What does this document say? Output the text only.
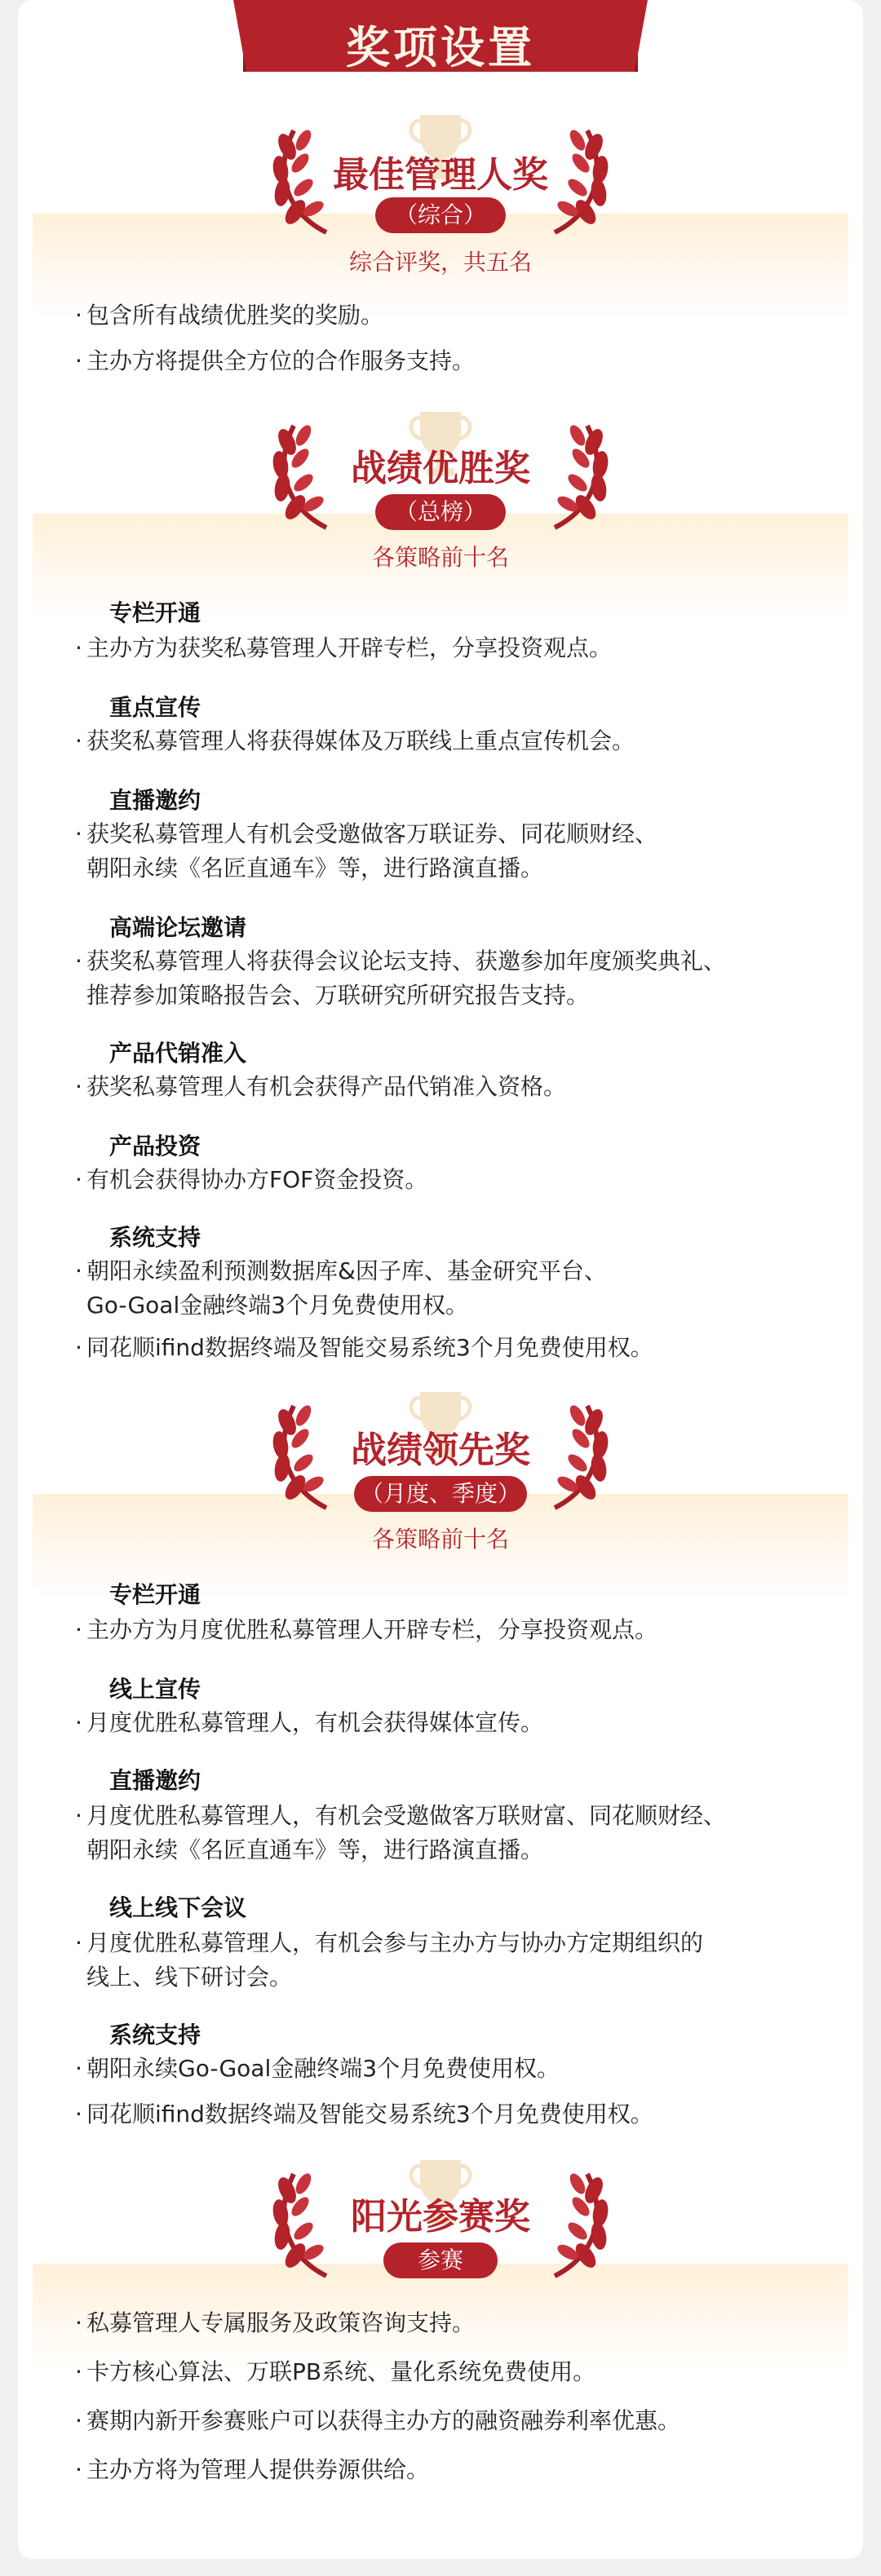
奖项设置
最佳管理人奖
（综合）
综合评奖，共五名
· 包含所有战绩优胜奖的奖励。
· 主办方将提供全方位的合作服务支持。
战绩优胜奖
（总榜）
各策略前十名
专栏开通
· 主办方为获奖私募管理人开辟专栏，分享投资观点。
重点宣传
· 获奖私募管理人将获得媒体及万联线上重点宣传机会。
直播邀约
· 获奖私募管理人有机会受邀做客万联证券、同花顺财经、
朝阳永续《名匠直通车》等，进行路演直播。
高端论坛邀请
· 获奖私募管理人将获得会议论坛支持、获邀参加年度颁奖典礼、
推荐参加策略报告会、万联研究所研究报告支持。
产品代销准入
· 获奖私募管理人有机会获得产品代销准入资格。
产品投资
· 有机会获得协办方FOF资金投资。
系统支持
· 朝阳永续盈利预测数据库&因子库、基金研究平台、
Go-Goal金融终端3个月免费使用权。
· 同花顺ifind数据终端及智能交易系统3个月免费使用权。
战绩领先奖
（月度、季度）
各策略前十名
专栏开通
· 主办方为月度优胜私募管理人开辟专栏，分享投资观点。
线上宣传
· 月度优胜私募管理人，有机会获得媒体宣传。
直播邀约
· 月度优胜私募管理人，有机会受邀做客万联财富、同花顺财经、
朝阳永续《名匠直通车》等，进行路演直播。
线上线下会议
· 月度优胜私募管理人，有机会参与主办方与协办方定期组织的
线上、线下研讨会。
系统支持
· 朝阳永续Go-Goal金融终端3个月免费使用权。
· 同花顺ifind数据终端及智能交易系统3个月免费使用权。
阳光参赛奖
参赛
· 私募管理人专属服务及政策咨询支持。
· 卡方核心算法、万联PB系统、量化系统免费使用。
· 赛期内新开参赛账户可以获得主办方的融资融券利率优惠。
· 主办方将为管理人提供券源供给。
